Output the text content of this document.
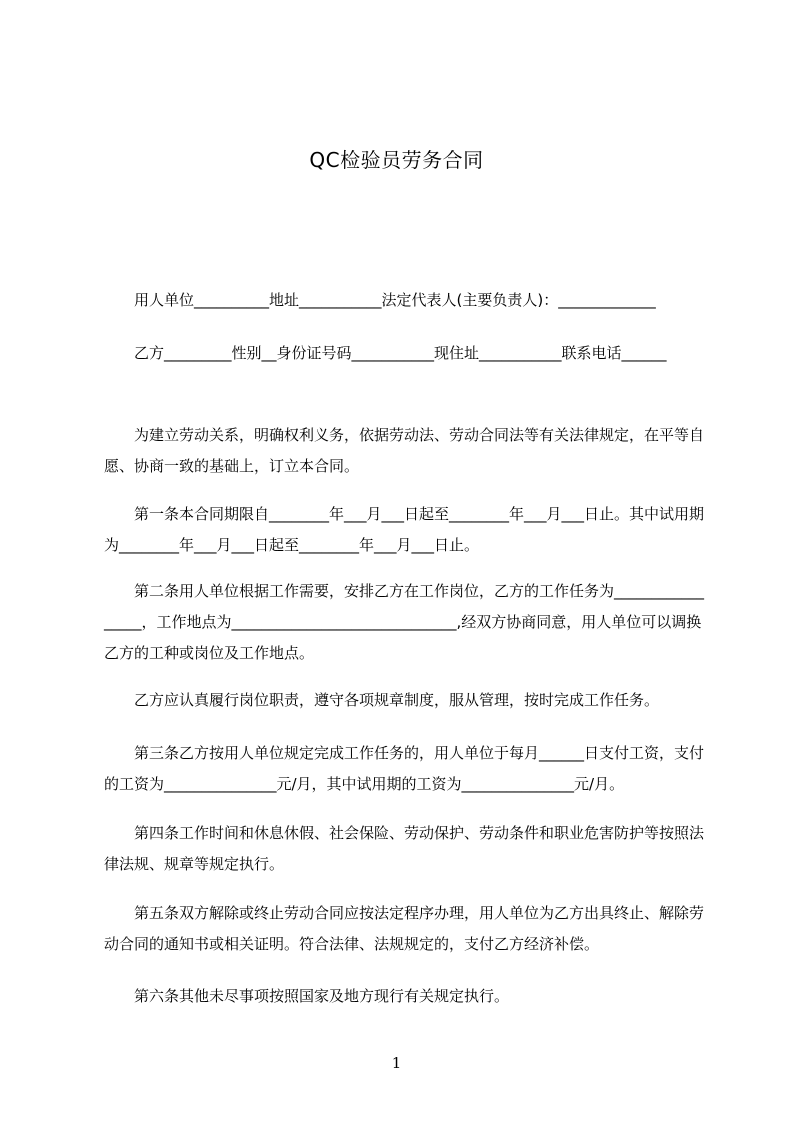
QC检验员劳务合同
　　用人单位__________地址___________法定代表人(主要负责人)：_____________
　　乙方_________性别__身份证号码___________现住址___________联系电话______
　　为建立劳动关系，明确权利义务，依据劳动法、劳动合同法等有关法律规定，在平等自愿、协商一致的基础上，订立本合同。
　　第一条本合同期限自________年___月___日起至________年___月___日止。其中试用期为________年___月___日起至________年___月___日止。
　　第二条用人单位根据工作需要，安排乙方在工作岗位，乙方的工作任务为_________________，工作地点为______________________________,经双方协商同意，用人单位可以调换乙方的工种或岗位及工作地点。
　　乙方应认真履行岗位职责，遵守各项规章制度，服从管理，按时完成工作任务。
　　第三条乙方按用人单位规定完成工作任务的，用人单位于每月______日支付工资，支付的工资为_______________元/月，其中试用期的工资为_______________元/月。
　　第四条工作时间和休息休假、社会保险、劳动保护、劳动条件和职业危害防护等按照法律法规、规章等规定执行。
　　第五条双方解除或终止劳动合同应按法定程序办理，用人单位为乙方出具终止、解除劳动合同的通知书或相关证明。符合法律、法规规定的，支付乙方经济补偿。
　　第六条其他未尽事项按照国家及地方现行有关规定执行。
1
